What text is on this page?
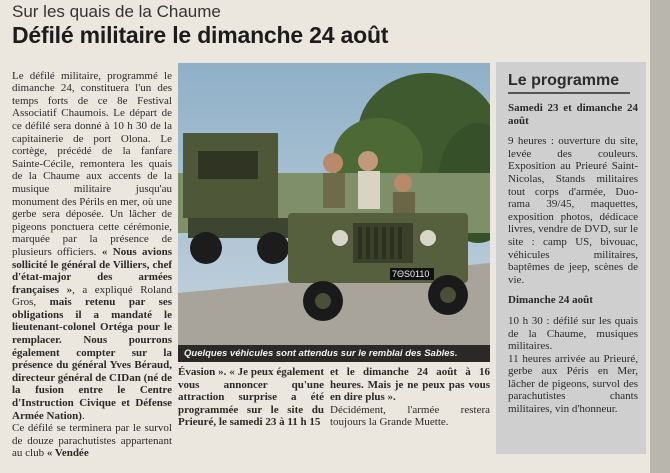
Sur les quais de la Chaume
Défilé militaire le dimanche 24 août

Le défilé militaire, programmé le dimanche 24, constituera l'un des temps forts de ce 8e Festival Associatif Chaumois. Le départ de ce défilé sera donné à 10 h 30 de la capitainerie de port Olona. Le cortège, précédé de la fanfare Sainte-Cécile, remontera les quais de la Chaume aux accents de la musique militaire jusqu'au monument des Périls en mer, où une gerbe sera déposée. Un lâcher de pigeons ponctuera cette cérémonie, marquée par la présence de plusieurs officiers. « Nous avions sollicité le général de Villiers, chef d'état-major des armées françaises », a expliqué Roland Gros, mais retenu par ses obligations il a mandaté le lieutenant-colonel Ortéga pour le remplacer. Nous pourrons également compter sur la présence du général Yves Béraud, directeur général de CIDan (né de la fusion entre le Centre d'Instruction Civique et Défense Armée Nation).
Ce défilé se terminera par le survol de douze parachutistes appartenant au club « Vendée

7ΘS0110
Quelques véhicules sont attendus sur le remblai des Sables.

Évasion ». « Je peux également vous annoncer qu'une attraction surprise a été programmée sur le site du Prieuré, le samedi 23 à 11 h 15

et le dimanche 24 août à 16 heures. Mais je ne peux pas vous en dire plus ».
Décidément, l'armée restera toujours la Grande Muette.

Le programme

Samedi 23 et dimanche 24 août

9 heures : ouverture du site, levée des couleurs. Exposition au Prieuré Saint-Nicolas, Stands militaires tout corps d'armée, Duo-rama 39/45, maquettes, exposition photos, dédicace livres, vendre de DVD, sur le site : camp US, bivouac, véhicules militaires, baptêmes de jeep, scènes de vie.

Dimanche 24 août

10 h 30 : défilé sur les quais de la Chaume, musiques militaires.
11 heures arrivée au Prieuré, gerbe aux Péris en Mer, lâcher de pigeons, survol des parachutistes chants militaires, vin d'honneur.
